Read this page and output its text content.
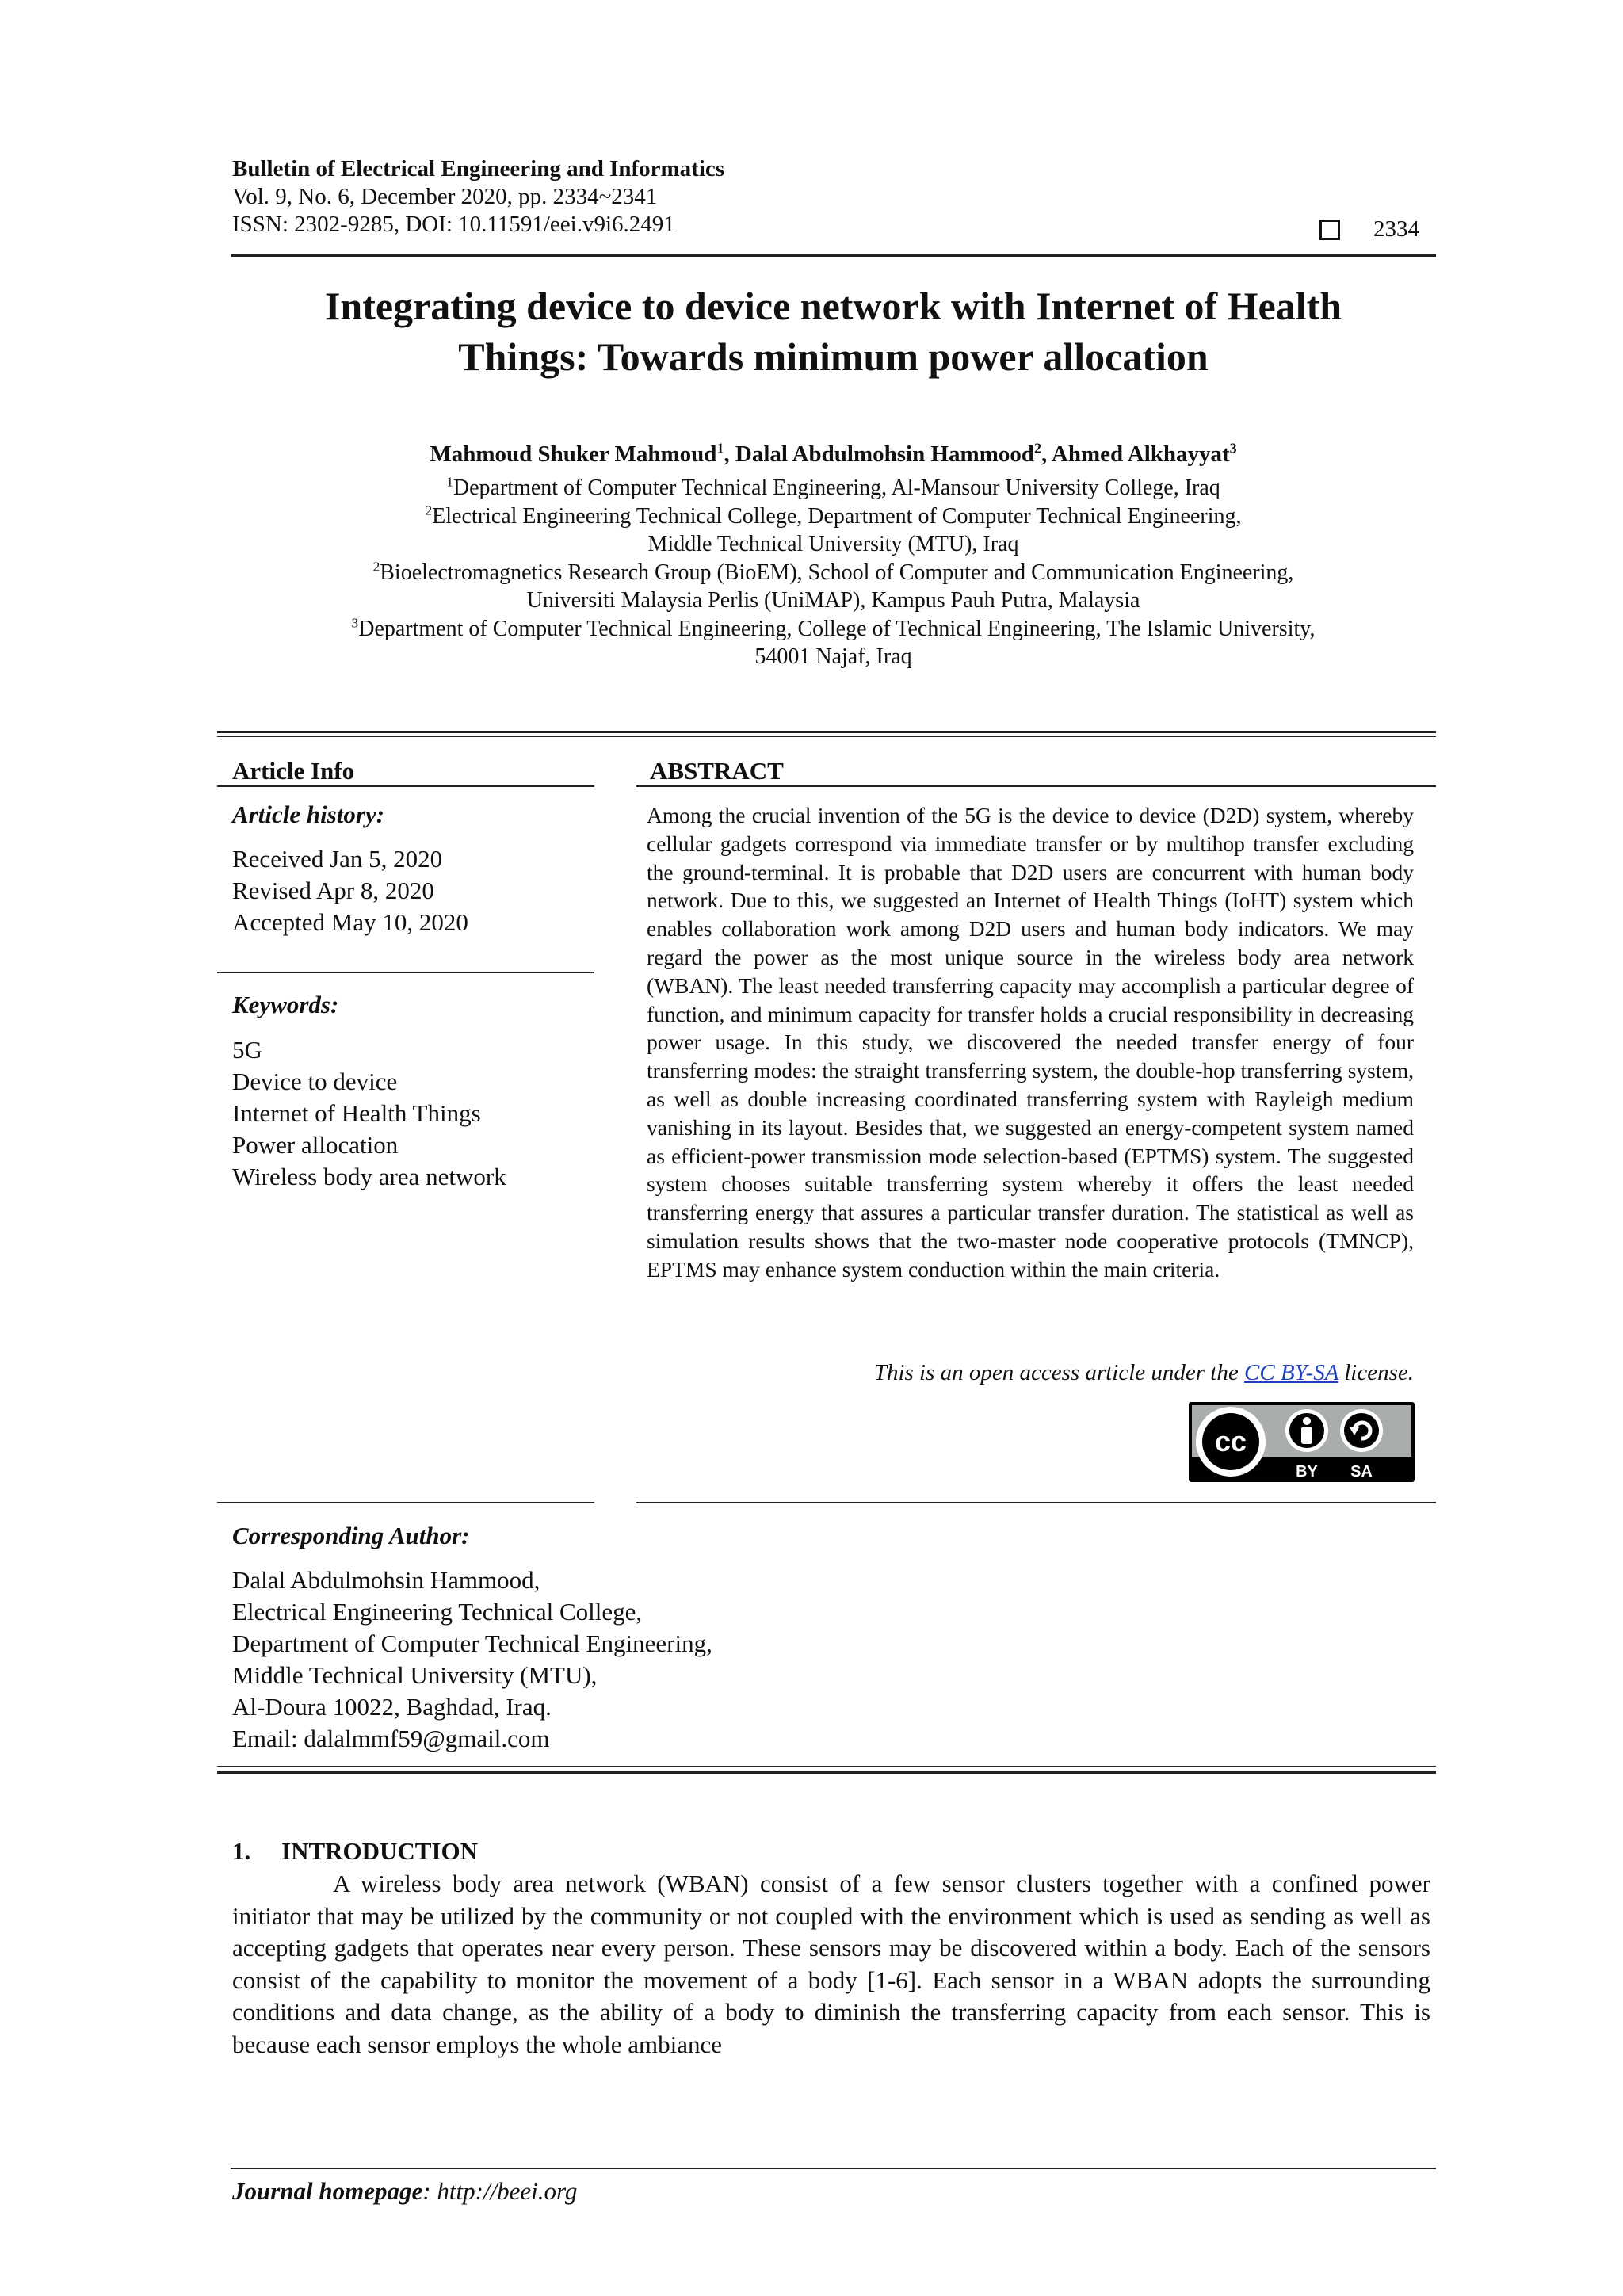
Bulletin of Electrical Engineering and Informatics
Vol. 9, No. 6, December 2020, pp. 2334~2341
ISSN: 2302-9285, DOI: 10.11591/eei.v9i6.2491	2334
Integrating device to device network with Internet of Health
Things: Towards minimum power allocation
Mahmoud Shuker Mahmoud$^1$, Dalal Abdulmohsin Hammood$^2$, Ahmed Alkhayyat$^3$
$^1$Department of Computer Technical Engineering, Al-Mansour University College, Iraq
$^2$Electrical Engineering Technical College, Department of Computer Technical Engineering,
Middle Technical University (MTU), Iraq
$^2$Bioelectromagnetics Research Group (BioEM), School of Computer and Communication Engineering,
Universiti Malaysia Perlis (UniMAP), Kampus Pauh Putra, Malaysia
$^3$Department of Computer Technical Engineering, College of Technical Engineering, The Islamic University,
54001 Najaf, Iraq
Article Info
Article history:
Received Jan 5, 2020
Revised Apr 8, 2020
Accepted May 10, 2020
Keywords:
5G
Device to device
Internet of Health Things
Power allocation
Wireless body area network
ABSTRACT
Among the crucial invention of the 5G is the device to device (D2D) system, whereby cellular gadgets correspond via immediate transfer or by multihop transfer excluding the ground-terminal. It is probable that D2D users are concurrent with human body network. Due to this, we suggested an Internet of Health Things (IoHT) system which enables collaboration work among D2D users and human body indicators. We may regard the power as the most unique source in the wireless body area network (WBAN). The least needed transferring capacity may accomplish a particular degree of function, and minimum capacity for transfer holds a crucial responsibility in decreasing power usage. In this study, we discovered the needed transfer energy of four transferring modes: the straight transferring system, the double-hop transferring system, as well as double increasing coordinated transferring system with Rayleigh medium vanishing in its layout. Besides that, we suggested an energy-competent system named as efficient-power transmission mode selection-based (EPTMS) system. The suggested system chooses suitable transferring system whereby it offers the least needed transferring energy that assures a particular transfer duration. The statistical as well as simulation results shows that the two-master node cooperative protocols (TMNCP), EPTMS may enhance system conduction within the main criteria.
This is an open access article under the CC BY-SA license.
cc
BY SA
Corresponding Author:
Dalal Abdulmohsin Hammood,
Electrical Engineering Technical College,
Department of Computer Technical Engineering,
Middle Technical University (MTU),
Al-Doura 10022, Baghdad, Iraq.
Email: dalalmmf59@gmail.com
1.     INTRODUCTION
A wireless body area network (WBAN) consist of a few sensor clusters together with a confined power initiator that may be utilized by the community or not coupled with the environment which is used as sending as well as accepting gadgets that operates near every person. These sensors may be discovered within a body. Each of the sensors consist of the capability to monitor the movement of a body [1-6]. Each sensor in a WBAN adopts the surrounding conditions and data change, as the ability of a body to diminish the transferring capacity from each sensor. This is because each sensor employs the whole ambiance
Journal homepage: http://beei.org
